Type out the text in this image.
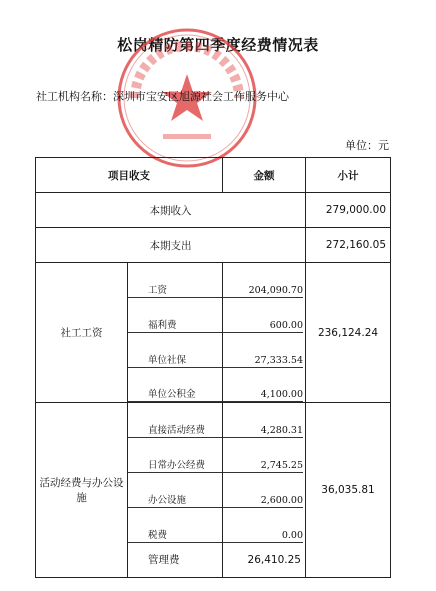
松岗精防第四季度经费情况表
社工机构名称：深圳市宝安区旭源社会工作服务中心
单位：元
项目收支		金额	小计
本期收入			279,000.00
本期支出			272,160.05
社工工资	工资	204,090.70	236,124.24

	福利费	600.00	

	单位社保	27,333.54	

	单位公积金	4,100.00	

活动经费与办公设施	直接活动经费	4,280.31	36,035.81

	日常办公经费	2,745.25	

	办公设施	2,600.00	

	税费	0.00	

	管理费	26,410.25	
